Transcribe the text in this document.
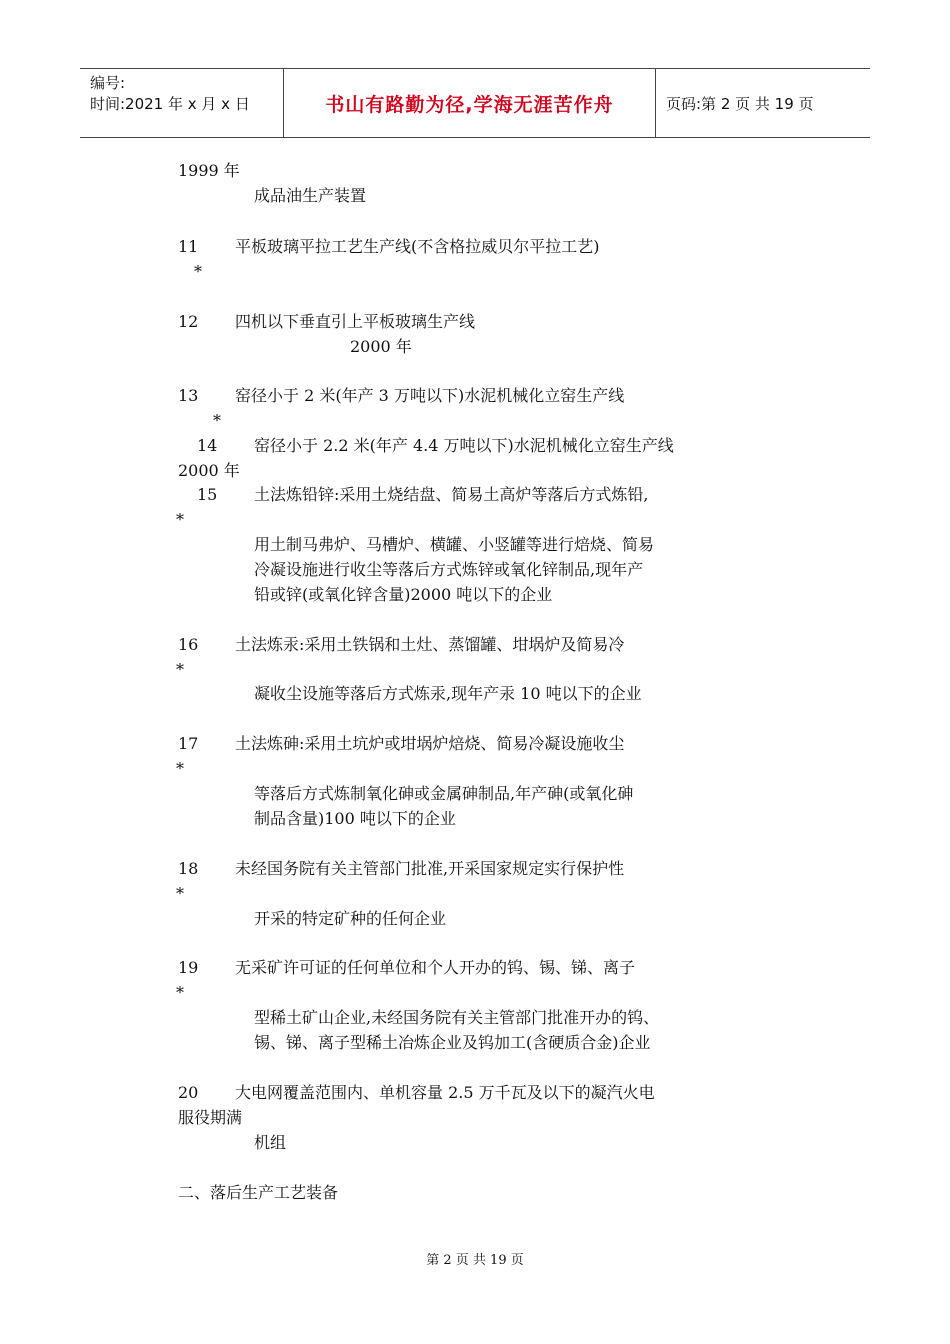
编号:
时间:2021 年 x 月 x 日	书山有路勤为径,学海无涯苦作舟	页码:第 2 页 共 19 页
1999 年
成品油生产装置
11 平板玻璃平拉工艺生产线(不含格拉威贝尔平拉工艺)
*
12 四机以下垂直引上平板玻璃生产线
2000 年
13 窑径小于 2 米(年产 3 万吨以下)水泥机械化立窑生产线
*
14 窑径小于 2.2 米(年产 4.4 万吨以下)水泥机械化立窑生产线
2000 年
15 土法炼铅锌:采用土烧结盘、简易土高炉等落后方式炼铅,
*
用土制马弗炉、马槽炉、横罐、小竖罐等进行焙烧、简易
冷凝设施进行收尘等落后方式炼锌或氧化锌制品,现年产
铅或锌(或氧化锌含量)2000 吨以下的企业
16 土法炼汞:采用土铁锅和土灶、蒸馏罐、坩埚炉及简易冷
*
凝收尘设施等落后方式炼汞,现年产汞 10 吨以下的企业
17 土法炼砷:采用土坑炉或坩埚炉焙烧、简易冷凝设施收尘
*
等落后方式炼制氧化砷或金属砷制品,年产砷(或氧化砷
制品含量)100 吨以下的企业
18 未经国务院有关主管部门批准,开采国家规定实行保护性
*
开采的特定矿种的任何企业
19 无采矿许可证的任何单位和个人开办的钨、锡、锑、离子
*
型稀土矿山企业,未经国务院有关主管部门批准开办的钨、
锡、锑、离子型稀土冶炼企业及钨加工(含硬质合金)企业
20 大电网覆盖范围内、单机容量 2.5 万千瓦及以下的凝汽火电
服役期满
机组
二、落后生产工艺装备
第 2 页 共 19 页
